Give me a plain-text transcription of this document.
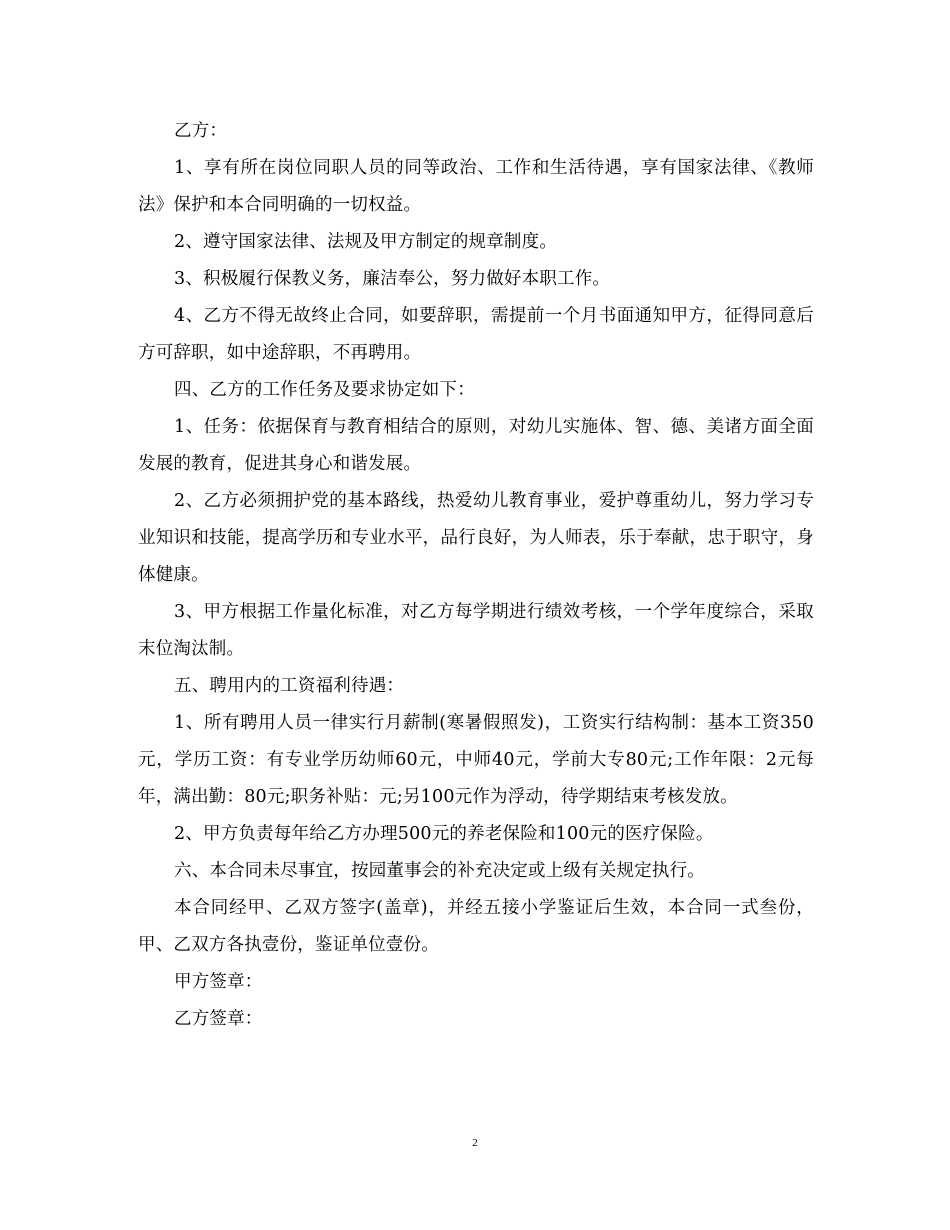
乙方：

1、享有所在岗位同职人员的同等政治、工作和生活待遇，享有国家法律、《教师法》保护和本合同明确的一切权益。

2、遵守国家法律、法规及甲方制定的规章制度。

3、积极履行保教义务，廉洁奉公，努力做好本职工作。

4、乙方不得无故终止合同，如要辞职，需提前一个月书面通知甲方，征得同意后方可辞职，如中途辞职，不再聘用。

四、乙方的工作任务及要求协定如下：

1、任务：依据保育与教育相结合的原则，对幼儿实施体、智、德、美诸方面全面发展的教育，促进其身心和谐发展。

2、乙方必须拥护党的基本路线，热爱幼儿教育事业，爱护尊重幼儿，努力学习专业知识和技能，提高学历和专业水平，品行良好，为人师表，乐于奉献，忠于职守，身体健康。

3、甲方根据工作量化标准，对乙方每学期进行绩效考核，一个学年度综合，采取末位淘汰制。

五、聘用内的工资福利待遇：

1、所有聘用人员一律实行月薪制(寒暑假照发)，工资实行结构制：基本工资350元，学历工资：有专业学历幼师60元，中师40元，学前大专80元;工作年限：2元每年，满出勤：80元;职务补贴：元;另100元作为浮动，待学期结束考核发放。

2、甲方负责每年给乙方办理500元的养老保险和100元的医疗保险。

六、本合同未尽事宜，按园董事会的补充决定或上级有关规定执行。

本合同经甲、乙双方签字(盖章)，并经五接小学鉴证后生效，本合同一式叁份，甲、乙双方各执壹份，鉴证单位壹份。

甲方签章：

乙方签章：

2
